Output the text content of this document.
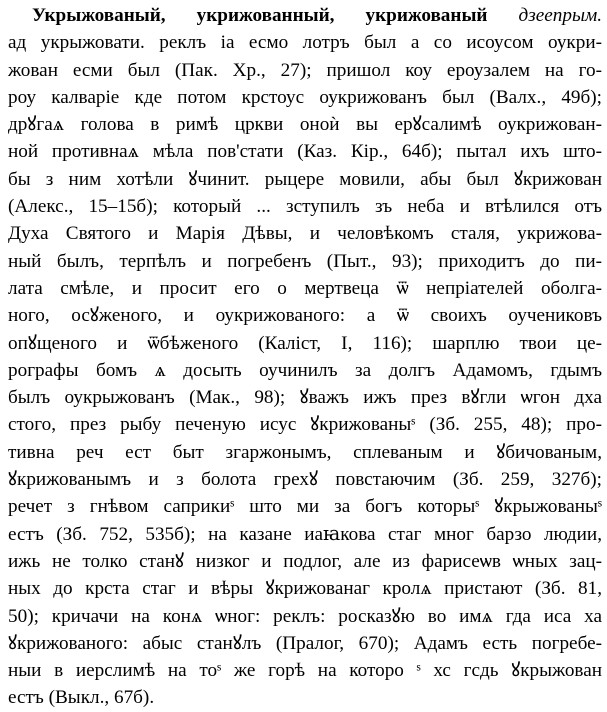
Укрыжованый, укрижованный, укрижованый дзеепрым.
ад укрыжовати. реклъ іа есмо лотръ был а со исоусом оукри-
жован есми был (Пак. Хр., 27); пришол коу ероузалем на го-
роу калваріе кде потом крстоус оукрижованъ был (Валх., 49б);
дрꙋгаѧ голова в римѣ цркви оноѝ вы ерꙋсалимѣ оукрижован-
ной противнаѧ мѣла пов'стати (Каз. Кір., 64б); пытал ихъ што-
бы з ним хотѣли ꙋчинит. рыцере мовили, абы был ꙋкрижован
(Алекс., 15–15б); который ... зступилъ зъ неба и втѣлился отъ
Духа Святого и Марія Дѣвы, и человѣкомъ сталя, укрижова-
ный былъ, терпѣлъ и погребенъ (Пыт., 93); приходитъ до пи-
лата смѣле, и просит его о мертвеца ѿ непріателей оболга-
ного, осꙋженого, и оукрижованого: а ѿ своихъ оучениковъ
опꙋщеного и ѿбѣженого (Каліст, І, 116); шарплю твои це-
рографы бомъ ѧ досыть оучинилъ за долгъ Адамомъ, гдымъ
былъ оукрыжованъ (Мак., 98); ꙋважъ ижъ през вꙋгли ѡгон дха
стого, през рыбу печеную исус ꙋкрижованыˢ (Зб. 255, 48); про-
тивна реч ест быт згаржонымъ, сплеваным и ꙋбичованым,
ꙋкрижованымъ и з болота грехꙋ повстаючим (Зб. 259, 327б);
речет з гнѣвом саприкиˢ што ми за богъ которыˢ ꙋкрыжованыˢ
естъ (Зб. 752, 535б); на казане иаꙗкова стаг мног барзо людии,
ижь не толко станꙋ низког и подлог, але из фарисеѡв ѡных зац-
ных до крста стаг и вѣры ꙋкрижованаг кролѧ пристают (Зб. 81,
50); кричачи на конѧ ѡног: реклъ: росказꙋю во имѧ гда иса ха
ꙋкрижованого: абыс станꙋлъ (Пралог, 670); Адамъ есть погребе-
ныи в иерслимѣ на тоˢ же горѣ на которо ˢ хс гсдь ꙋкрыжован
естъ (Выкл., 67б).
